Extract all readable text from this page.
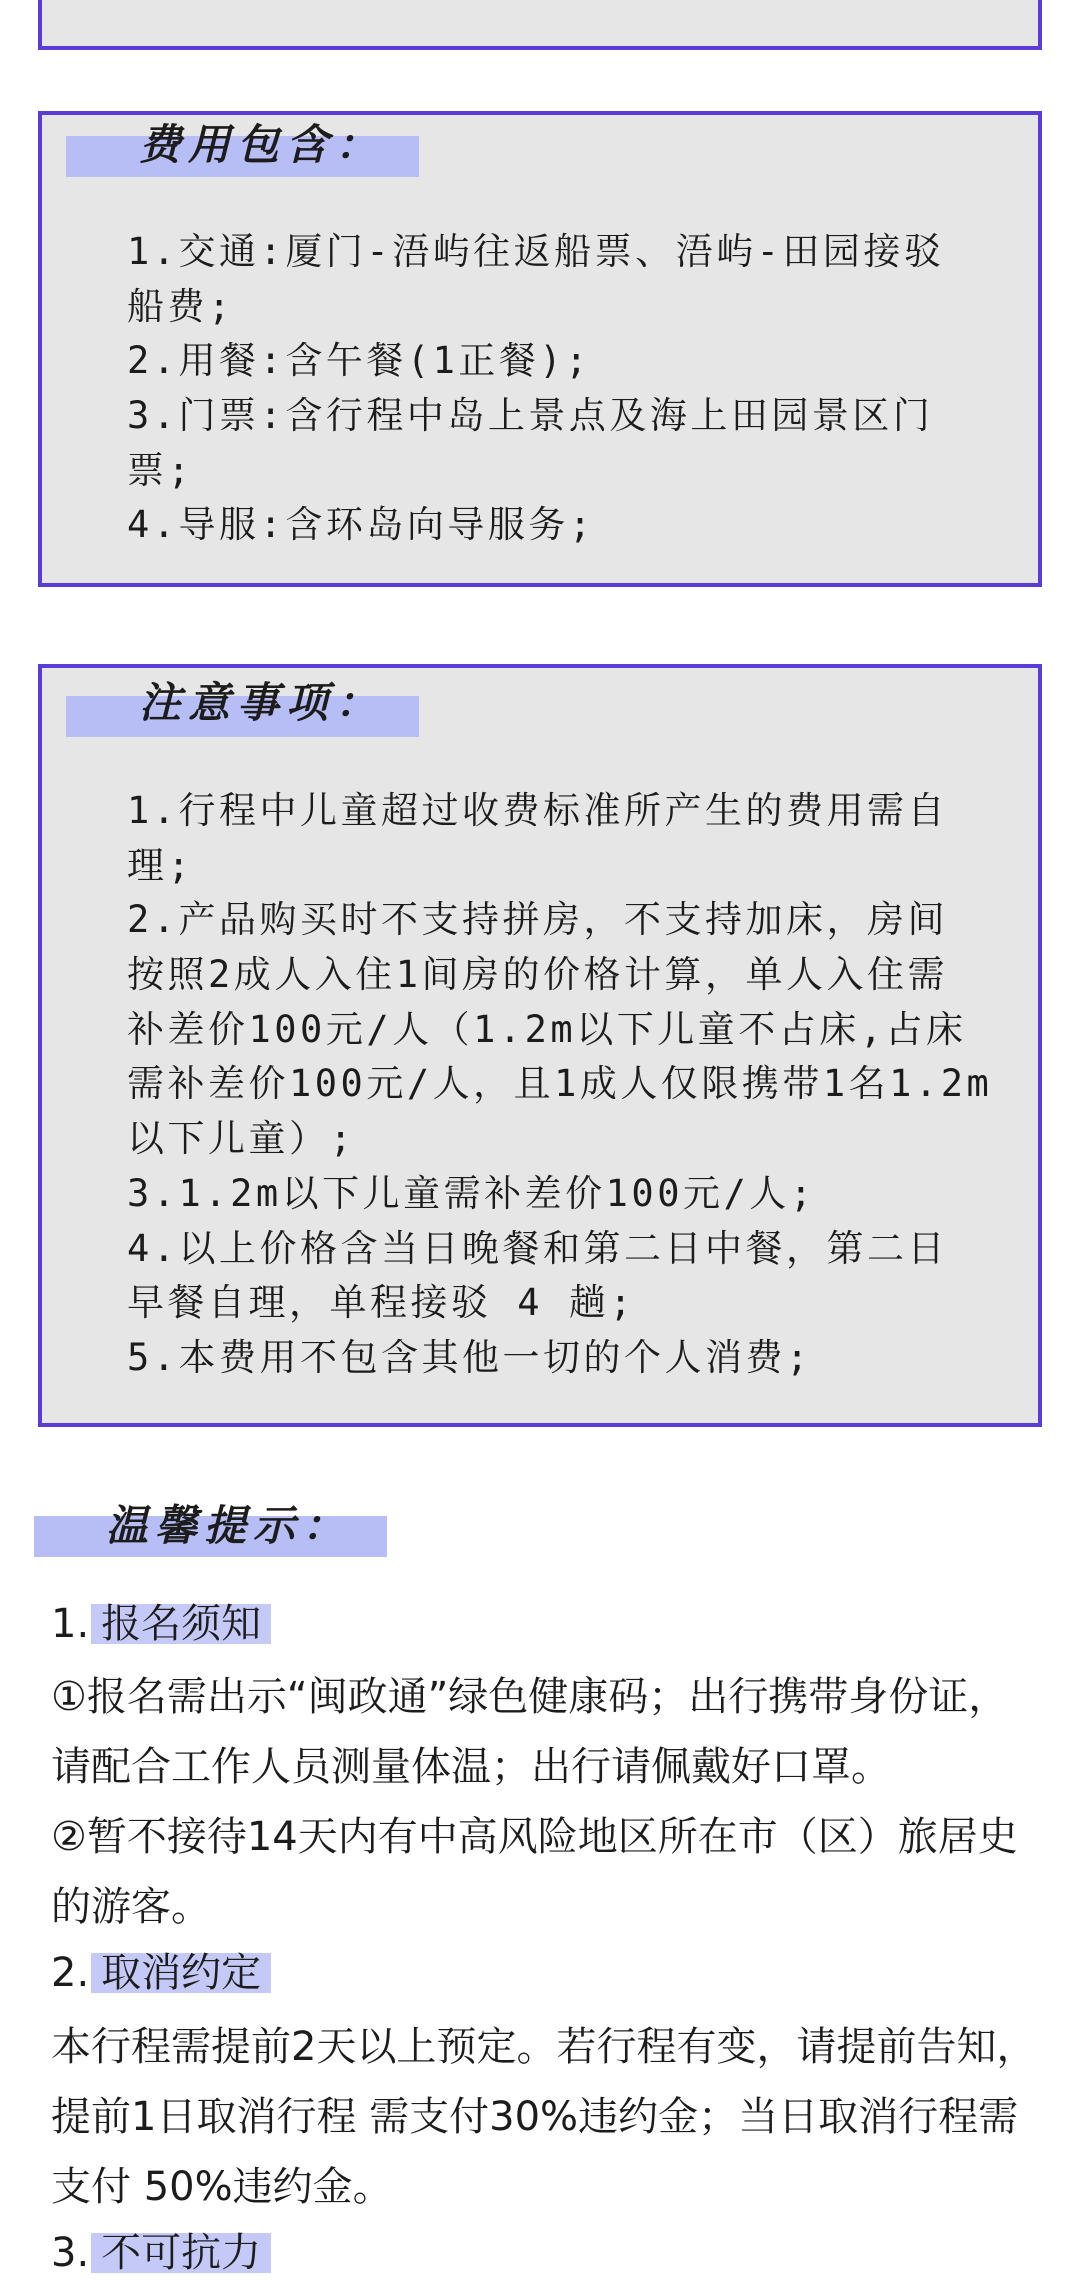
费用包含：
1.交通:厦门-浯屿往返船票、浯屿-田园接驳
船费;
2.用餐:含午餐(1正餐);
3.门票:含行程中岛上景点及海上田园景区门
票;
4.导服:含环岛向导服务;
注意事项：
1.行程中儿童超过收费标准所产生的费用需自
理;
2.产品购买时不支持拼房，不支持加床，房间
按照2成人入住1间房的价格计算，单人入住需
补差价100元/人（1.2m以下儿童不占床,占床
需补差价100元/人，且1成人仅限携带1名1.2m
以下儿童）;
3.1.2m以下儿童需补差价100元/人;
4.以上价格含当日晚餐和第二日中餐，第二日
早餐自理，单程接驳 4 趟;
5.本费用不包含其他一切的个人消费;
温馨提示：
1. 报名须知
①报名需出示“闽政通”绿色健康码；出行携带身份证，
请配合工作人员测量体温；出行请佩戴好口罩。
②暂不接待14天内有中高风险地区所在市（区）旅居史
的游客。
2. 取消约定
本行程需提前2天以上预定。若行程有变，请提前告知，
提前1日取消行程 需支付30%违约金；当日取消行程需
支付 50%违约金。
3. 不可抗力
